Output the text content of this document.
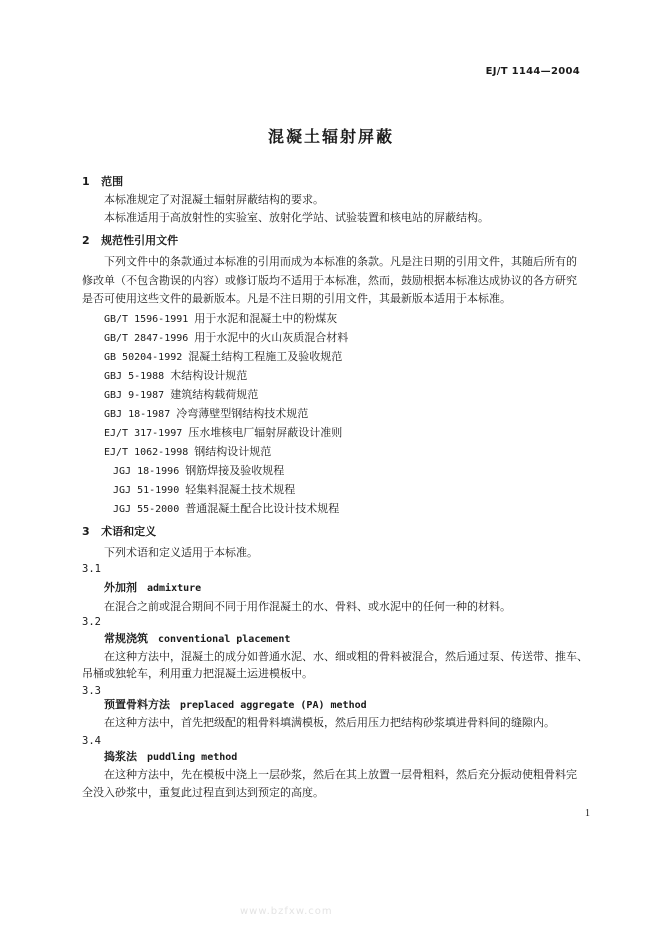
EJ/T 1144—2004
混凝土辐射屏蔽
1 范围
本标准规定了对混凝土辐射屏蔽结构的要求。
本标准适用于高放射性的实验室、放射化学站、试验装置和核电站的屏蔽结构。
2 规范性引用文件
下列文件中的条款通过本标准的引用而成为本标准的条款。凡是注日期的引用文件，其随后所有的
修改单（不包含勘误的内容）或修订版均不适用于本标准，然而，鼓励根据本标准达成协议的各方研究
是否可使用这些文件的最新版本。凡是不注日期的引用文件，其最新版本适用于本标准。
GB/T 1596-1991 用于水泥和混凝土中的粉煤灰
GB/T 2847-1996 用于水泥中的火山灰质混合材料
GB 50204-1992 混凝土结构工程施工及验收规范
GBJ 5-1988 木结构设计规范
GBJ 9-1987 建筑结构载荷规范
GBJ 18-1987 冷弯薄壁型钢结构技术规范
EJ/T 317-1997 压水堆核电厂辐射屏蔽设计准则
EJ/T 1062-1998 钢结构设计规范
JGJ 18-1996 钢筋焊接及验收规程
JGJ 51-1990 轻集料混凝土技术规程
JGJ 55-2000 普通混凝土配合比设计技术规程
3 术语和定义
下列术语和定义适用于本标准。
3.1
外加剂 admixture
在混合之前或混合期间不同于用作混凝土的水、骨料、或水泥中的任何一种的材料。
3.2
常规浇筑 conventional placement
在这种方法中，混凝土的成分如普通水泥、水、细或粗的骨料被混合，然后通过泵、传送带、推车、
吊桶或独轮车，利用重力把混凝土运进模板中。
3.3
预置骨料方法 preplaced aggregate (PA) method
在这种方法中，首先把级配的粗骨料填满模板，然后用压力把结构砂浆填进骨料间的缝隙内。
3.4
捣浆法 puddling method
在这种方法中，先在模板中浇上一层砂浆，然后在其上放置一层骨粗料，然后充分振动使粗骨料完
全没入砂浆中，重复此过程直到达到预定的高度。
1
www.bzfxw.com
